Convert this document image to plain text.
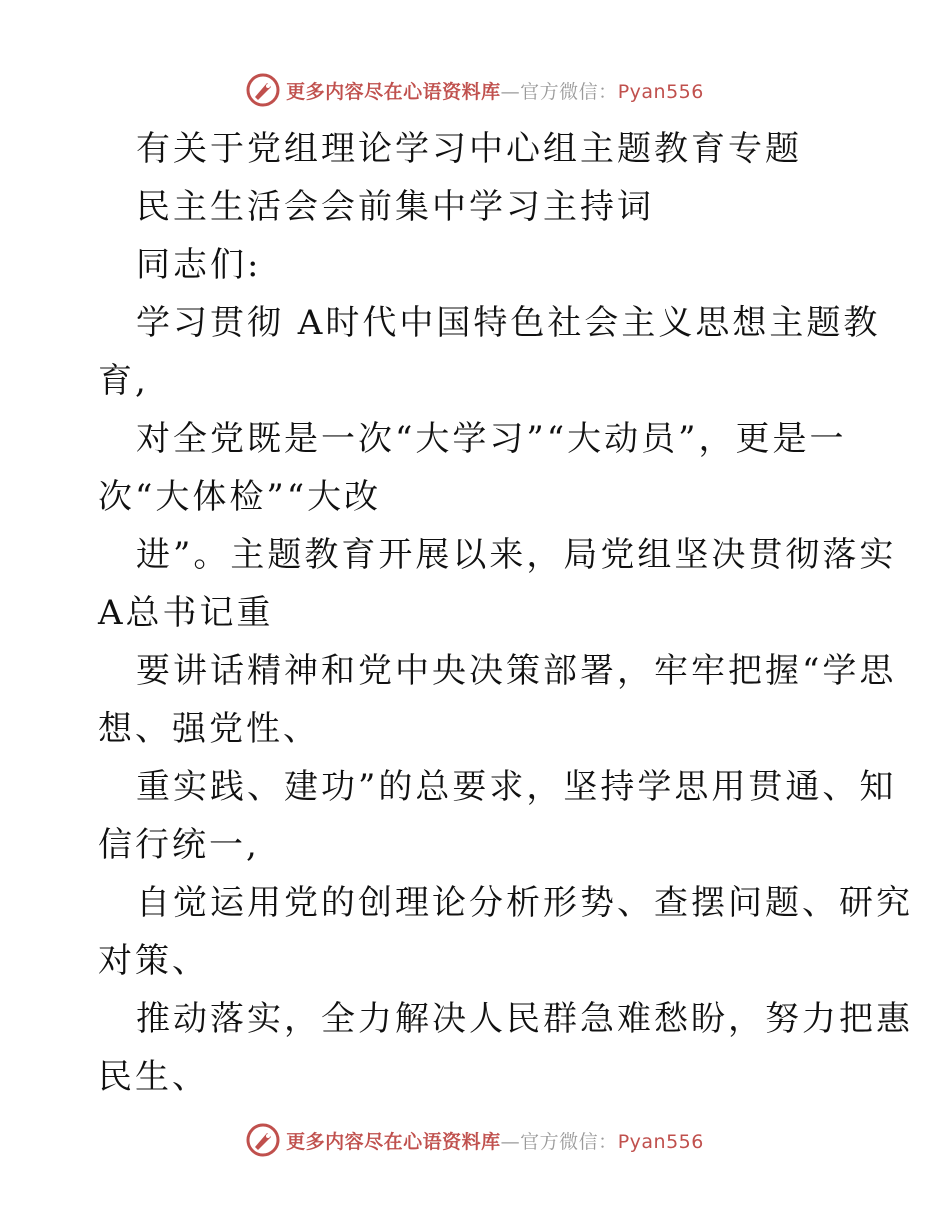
更多内容尽在心语资料库—官方微信：Pyan556
有关于党组理论学习中心组主题教育专题
民主生活会会前集中学习主持词
同志们:
学习贯彻 A时代中国特色社会主义思想主题教
育,
对全党既是一次“大学习”“大动员”，更是一
次“大体检”“大改
进”。主题教育开展以来，局党组坚决贯彻落实
A总书记重
要讲话精神和党中央决策部署，牢牢把握“学思
想、强党性、
重实践、建功”的总要求，坚持学思用贯通、知
信行统一,
自觉运用党的创理论分析形势、查摆问题、研究
对策、
推动落实，全力解决人民群急难愁盼，努力把惠
民生、
更多内容尽在心语资料库—官方微信：Pyan556
